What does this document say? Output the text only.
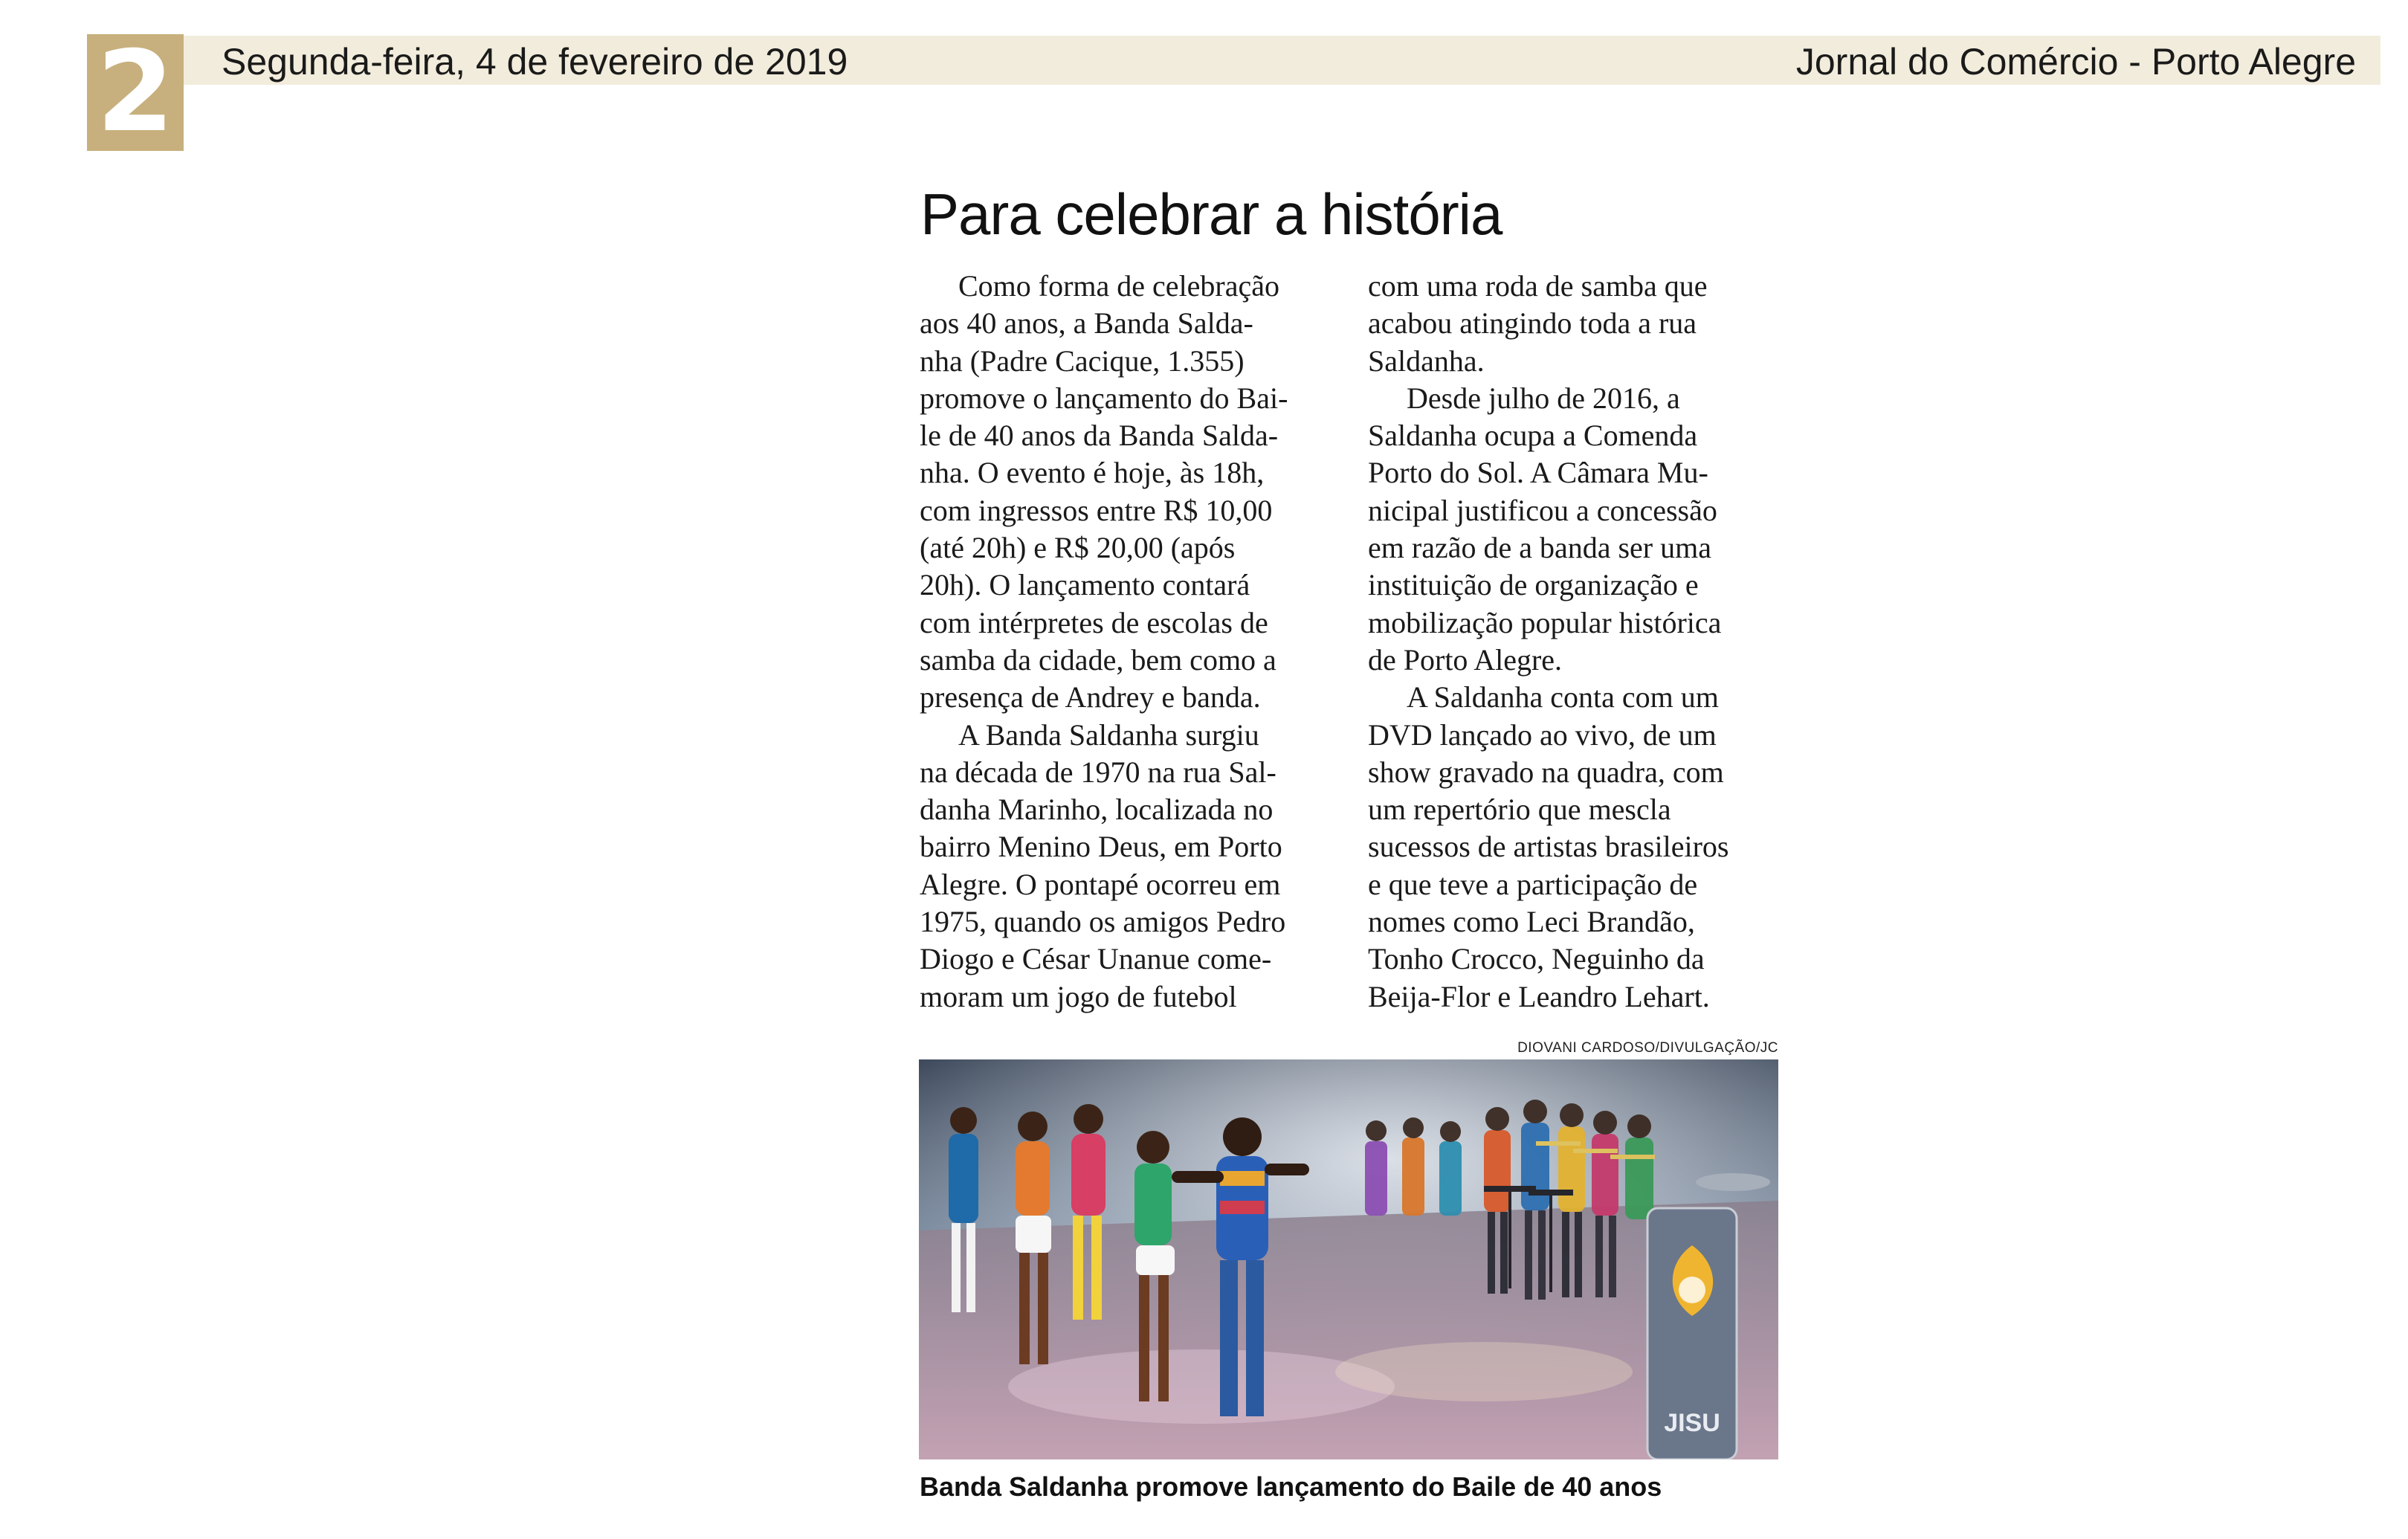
2 Segunda-feira, 4 de fevereiro de 2019	Jornal do Comércio - Porto Alegre
Para celebrar a história
Como forma de celebração
aos 40 anos, a Banda Salda-
nha (Padre Cacique, 1.355)
promove o lançamento do Bai-
le de 40 anos da Banda Salda-
nha. O evento é hoje, às 18h,
com ingressos entre R$ 10,00
(até 20h) e R$ 20,00 (após
20h). O lançamento contará
com intérpretes de escolas de
samba da cidade, bem como a
presença de Andrey e banda.
A Banda Saldanha surgiu
na década de 1970 na rua Sal-
danha Marinho, localizada no
bairro Menino Deus, em Porto
Alegre. O pontapé ocorreu em
1975, quando os amigos Pedro
Diogo e César Unanue come-
moram um jogo de futebol
com uma roda de samba que
acabou atingindo toda a rua
Saldanha.
Desde julho de 2016, a
Saldanha ocupa a Comenda
Porto do Sol. A Câmara Mu-
nicipal justificou a concessão
em razão de a banda ser uma
instituição de organização e
mobilização popular histórica
de Porto Alegre.
A Saldanha conta com um
DVD lançado ao vivo, de um
show gravado na quadra, com
um repertório que mescla
sucessos de artistas brasileiros
e que teve a participação de
nomes como Leci Brandão,
Tonho Crocco, Neguinho da
Beija-Flor e Leandro Lehart.
DIOVANI CARDOSO/DIVULGAÇÃO/JC
JISU
Banda Saldanha promove lançamento do Baile de 40 anos
